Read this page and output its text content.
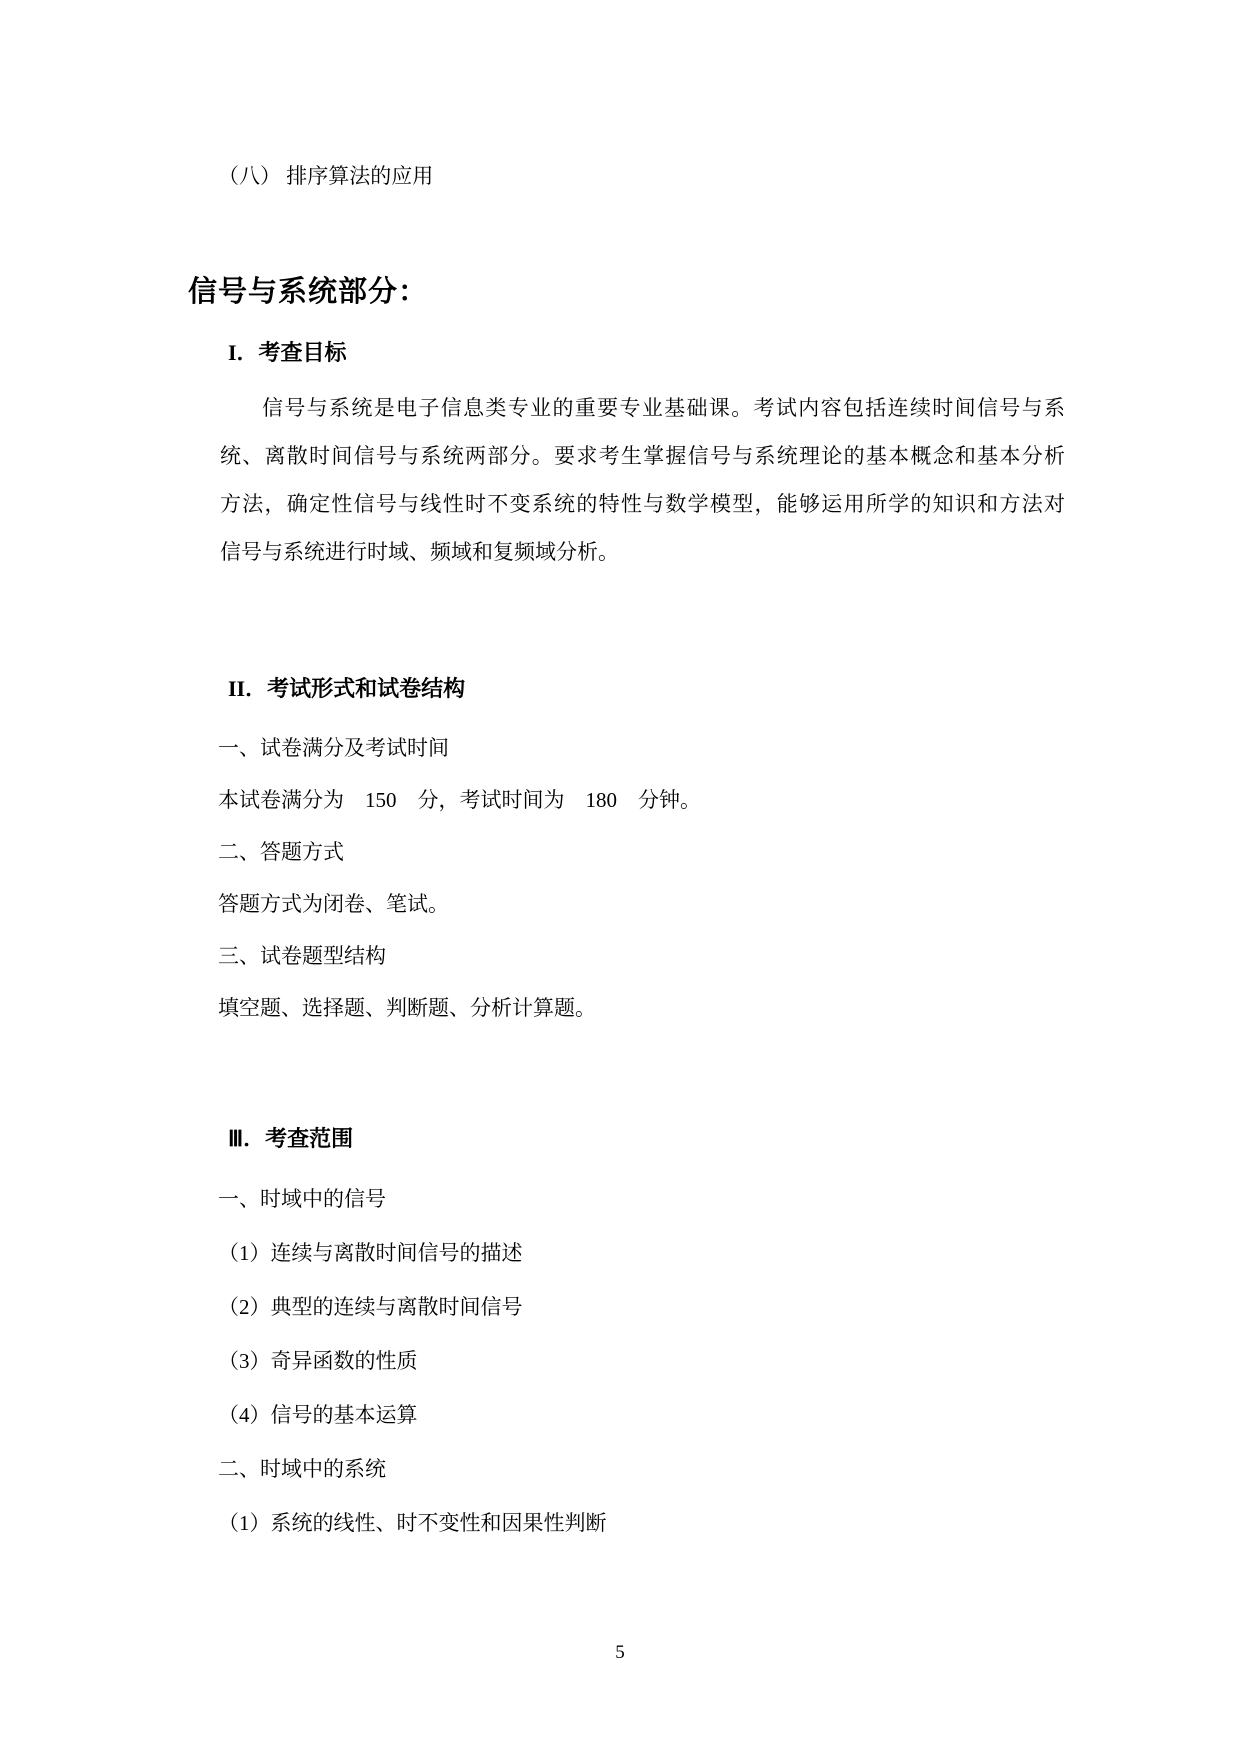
（八） 排序算法的应用
信号与系统部分：
I．考查目标
信号与系统是电子信息类专业的重要专业基础课。考试内容包括连续时间信号与系
统、离散时间信号与系统两部分。要求考生掌握信号与系统理论的基本概念和基本分析
方法，确定性信号与线性时不变系统的特性与数学模型，能够运用所学的知识和方法对
信号与系统进行时域、频域和复频域分析。
II．考试形式和试卷结构
一、试卷满分及考试时间
本试卷满分为　150　分，考试时间为　180　分钟。
二、答题方式
答题方式为闭卷、笔试。
三、试卷题型结构
填空题、选择题、判断题、分析计算题。
Ⅲ．考查范围
一、时域中的信号
（1）连续与离散时间信号的描述
（2）典型的连续与离散时间信号
（3）奇异函数的性质
（4）信号的基本运算
二、时域中的系统
（1）系统的线性、时不变性和因果性判断
5
